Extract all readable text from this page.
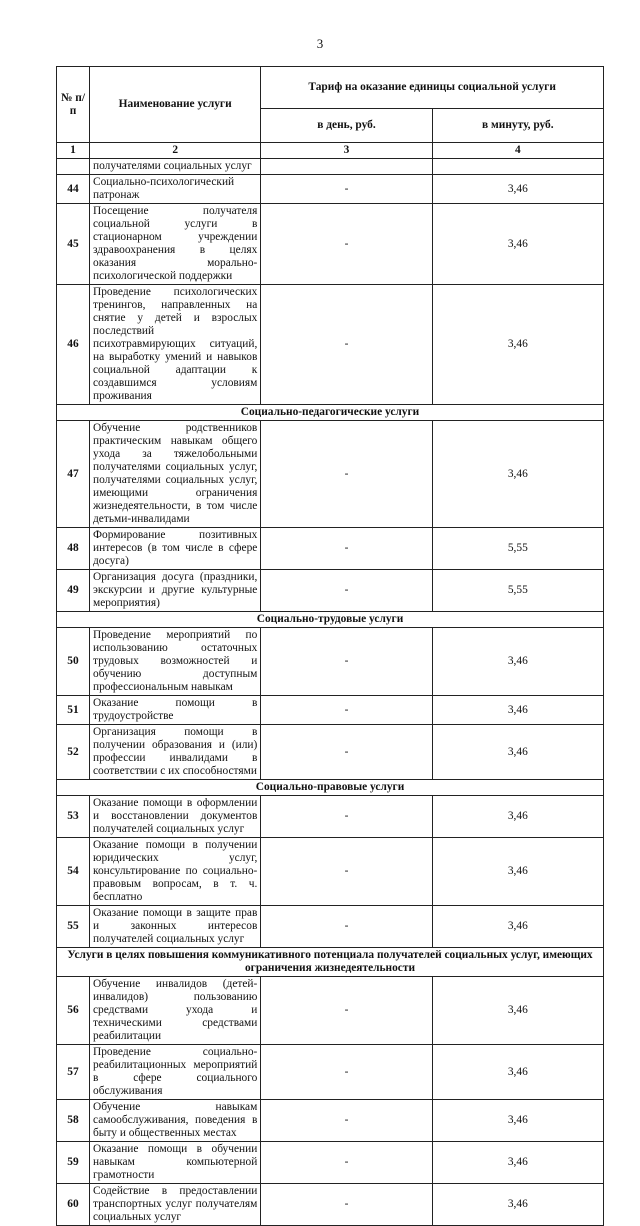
3
№ п/п	Наименование услуги	Тариф на оказание единицы социальной услуги	
		в день, руб.	в минуту, руб.
1	2	3	4
	получателями социальных услуг		
44	Социально-психологический патронаж	-	3,46
45	Посещение получателя социальной услуги в стационарном учреждении здравоохранения в целях оказания морально-психологической поддержки	-	3,46
46	Проведение психологических тренингов, направленных на снятие у детей и взрослых последствий психотравмирующих ситуаций, на выработку умений и навыков социальной адаптации к создавшимся условиям проживания	-	3,46
Социально-педагогические услуги			
47	Обучение родственников практическим навыкам общего ухода за тяжелобольными получателями социальных услуг, получателями социальных услуг, имеющими ограничения жизнедеятельности, в том числе детьми-инвалидами	-	3,46
48	Формирование позитивных интересов (в том числе в сфере досуга)	-	5,55
49	Организация досуга (праздники, экскурсии и другие культурные мероприятия)	-	5,55
Социально-трудовые услуги			
50	Проведение мероприятий по использованию остаточных трудовых возможностей и обучению доступным профессиональным навыкам	-	3,46
51	Оказание помощи в трудоустройстве	-	3,46
52	Организация помощи в получении образования и (или) профессии инвалидами в соответствии с их способностями	-	3,46
Социально-правовые услуги			
53	Оказание помощи в оформлении и восстановлении документов получателей социальных услуг	-	3,46
54	Оказание помощи в получении юридических услуг, консультирование по социально-правовым вопросам, в т. ч. бесплатно	-	3,46
55	Оказание помощи в защите прав и законных интересов получателей социальных услуг	-	3,46
Услуги в целях повышения коммуникативного потенциала получателей социальных услуг, имеющих ограничения жизнедеятельности			
56	Обучение инвалидов (детей-инвалидов) пользованию средствами ухода и техническими средствами реабилитации	-	3,46
57	Проведение социально-реабилитационных мероприятий в сфере социального обслуживания	-	3,46
58	Обучение навыкам самообслуживания, поведения в быту и общественных местах	-	3,46
59	Оказание помощи в обучении навыкам компьютерной грамотности	-	3,46
60	Содействие в предоставлении транспортных услуг получателям социальных услуг	-	3,46
